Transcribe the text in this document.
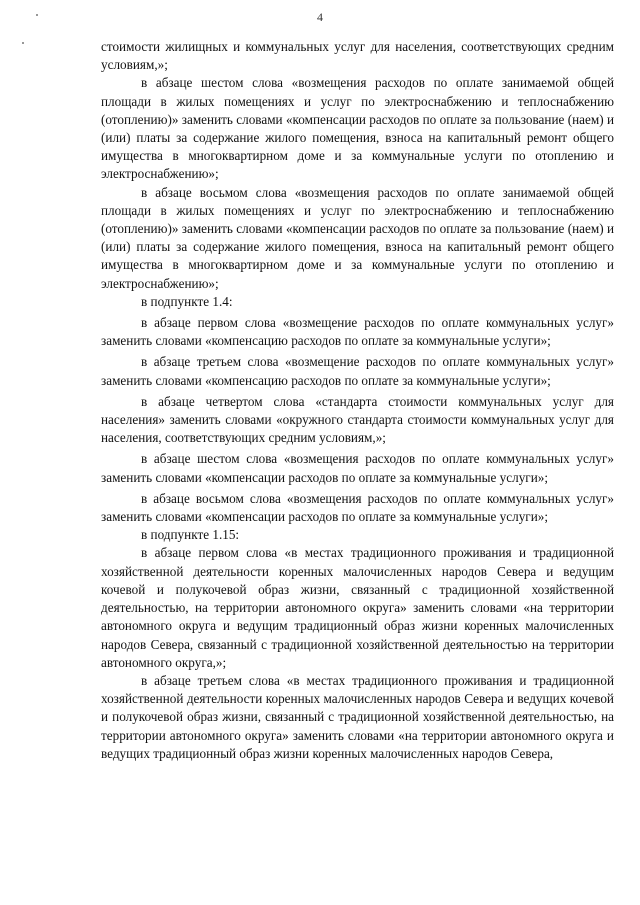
4

стоимости жилищных и коммунальных услуг для населения, соответствующих средним условиям,»;

в абзаце шестом слова «возмещения расходов по оплате занимаемой общей площади в жилых помещениях и услуг по электроснабжению и теплоснабжению (отоплению)» заменить словами «компенсации расходов по оплате за пользование (наем) и (или) платы за содержание жилого помещения, взноса на капитальный ремонт общего имущества в многоквартирном доме и за коммунальные услуги по отоплению и электроснабжению»;

в абзаце восьмом слова «возмещения расходов по оплате занимаемой общей площади в жилых помещениях и услуг по электроснабжению и теплоснабжению (отоплению)» заменить словами «компенсации расходов по оплате за пользование (наем) и (или) платы за содержание жилого помещения, взноса на капитальный ремонт общего имущества в многоквартирном доме и за коммунальные услуги по отоплению и электроснабжению»;

в подпункте 1.4:

в абзаце первом слова «возмещение расходов по оплате коммунальных услуг» заменить словами «компенсацию расходов по оплате за коммунальные услуги»;

в абзаце третьем слова «возмещение расходов по оплате коммунальных услуг» заменить словами «компенсацию расходов по оплате за коммунальные услуги»;

в абзаце четвертом слова «стандарта стоимости коммунальных услуг для населения» заменить словами «окружного стандарта стоимости коммунальных услуг для населения, соответствующих средним условиям,»;

в абзаце шестом слова «возмещения расходов по оплате коммунальных услуг» заменить словами «компенсации расходов по оплате за коммунальные услуги»;

в абзаце восьмом слова «возмещения расходов по оплате коммунальных услуг» заменить словами «компенсации расходов по оплате за коммунальные услуги»;

в подпункте 1.15:

в абзаце первом слова «в местах традиционного проживания и традиционной хозяйственной деятельности коренных малочисленных народов Севера и ведущим кочевой и полукочевой образ жизни, связанный с традиционной хозяйственной деятельностью, на территории автономного округа» заменить словами «на территории автономного округа и ведущим традиционный образ жизни коренных малочисленных народов Севера, связанный с традиционной хозяйственной деятельностью на территории автономного округа,»;

в абзаце третьем слова «в местах традиционного проживания и традиционной хозяйственной деятельности коренных малочисленных народов Севера и ведущих кочевой и полукочевой образ жизни, связанный с традиционной хозяйственной деятельностью, на территории автономного округа» заменить словами «на территории автономного округа и ведущих традиционный образ жизни коренных малочисленных народов Севера,
